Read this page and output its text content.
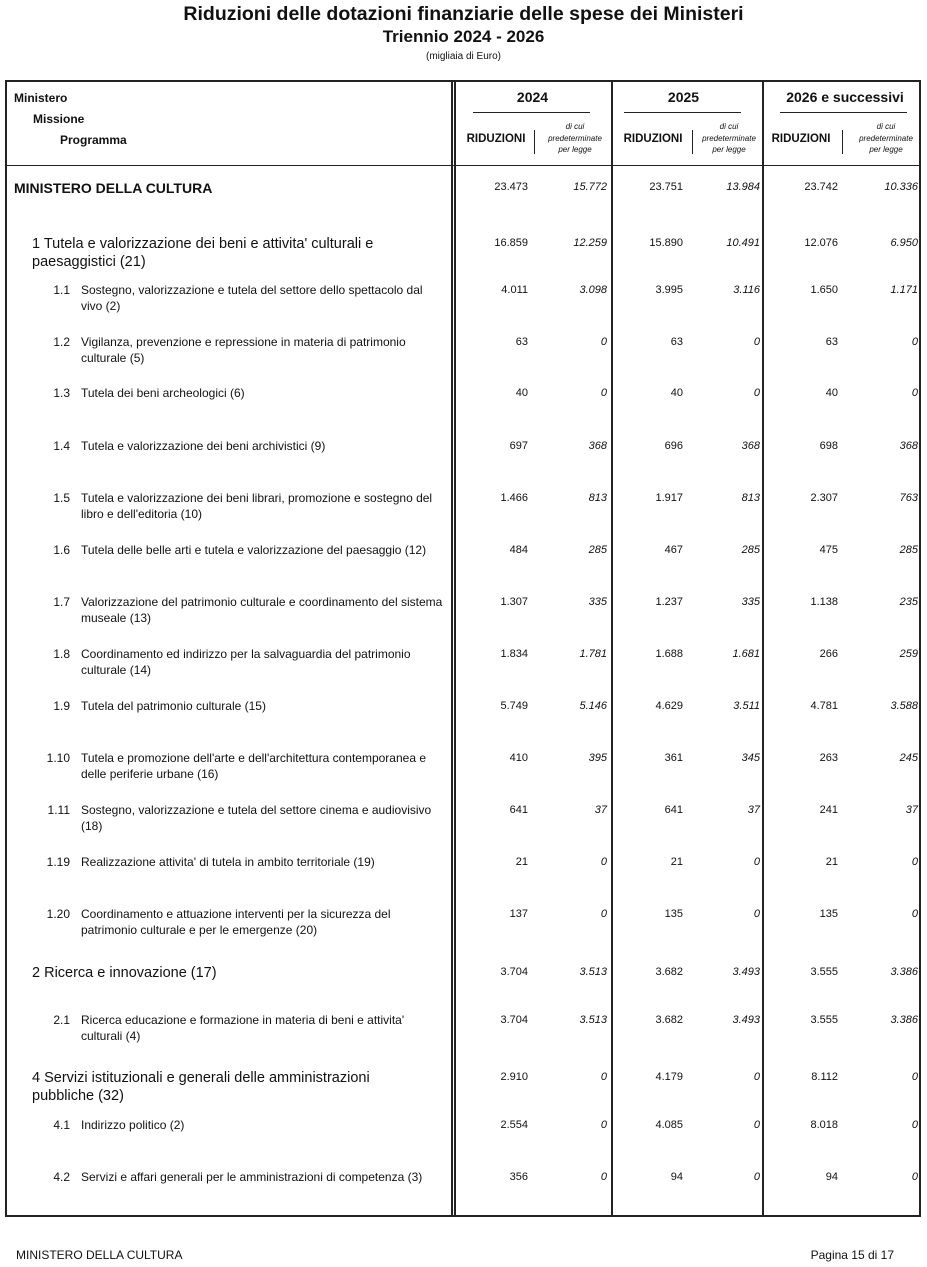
Riduzioni delle dotazioni finanziarie delle spese dei Ministeri
Triennio 2024 - 2026
(migliaia di Euro)
Ministero
Missione
Programma
2024	2025	2026 e successivi
RIDUZIONI
di cui
predeterminate
per legge
RIDUZIONI
di cui
predeterminate
per legge
RIDUZIONI
di cui
predeterminate
per legge
MINISTERO DELLA CULTURA	23.473	15.772	23.751	13.984	23.742	10.336
1 Tutela e valorizzazione dei beni e attivita' culturali e paesaggistici (21)
16.859	12.259	15.890	10.491	12.076	6.950
1.1 Sostegno, valorizzazione e tutela del settore dello spettacolo dal vivo (2)
4.011	3.098	3.995	3.116	1.650	1.171
1.2 Vigilanza, prevenzione e repressione in materia di patrimonio culturale (5)
63	0	63	0	63	0
1.3 Tutela dei beni archeologici (6)	40	0	40	0	40	0
1.4 Tutela e valorizzazione dei beni archivistici (9)	697	368	696	368	698	368
1.5 Tutela e valorizzazione dei beni librari, promozione e sostegno del libro e dell'editoria (10)
1.466	813	1.917	813	2.307	763
1.6 Tutela delle belle arti e tutela e valorizzazione del paesaggio (12)	484	285	467	285	475	285
1.7 Valorizzazione del patrimonio culturale e coordinamento del sistema museale (13)
1.307	335	1.237	335	1.138	235
1.8 Coordinamento ed indirizzo per la salvaguardia del patrimonio culturale (14)
1.834	1.781	1.688	1.681	266	259
1.9 Tutela del patrimonio culturale (15)	5.749	5.146	4.629	3.511	4.781	3.588
1.10 Tutela e promozione dell'arte e dell'architettura contemporanea e delle periferie urbane (16)
410	395	361	345	263	245
1.11 Sostegno, valorizzazione e tutela del settore cinema e audiovisivo (18)
641	37	641	37	241	37
1.19 Realizzazione attivita' di tutela in ambito territoriale (19)	21	0	21	0	21	0
1.20 Coordinamento e attuazione interventi per la sicurezza del patrimonio culturale e per le emergenze (20)
137	0	135	0	135	0
2 Ricerca e innovazione (17)	3.704	3.513	3.682	3.493	3.555	3.386
2.1 Ricerca educazione e formazione in materia di beni e attivita' culturali (4)
3.704	3.513	3.682	3.493	3.555	3.386
4 Servizi istituzionali e generali delle amministrazioni pubbliche (32)
2.910	0	4.179	0	8.112	0
4.1 Indirizzo politico (2)	2.554	0	4.085	0	8.018	0
4.2 Servizi e affari generali per le amministrazioni di competenza (3)	356	0	94	0	94	0
MINISTERO DELLA CULTURA	Pagina 15 di 17
